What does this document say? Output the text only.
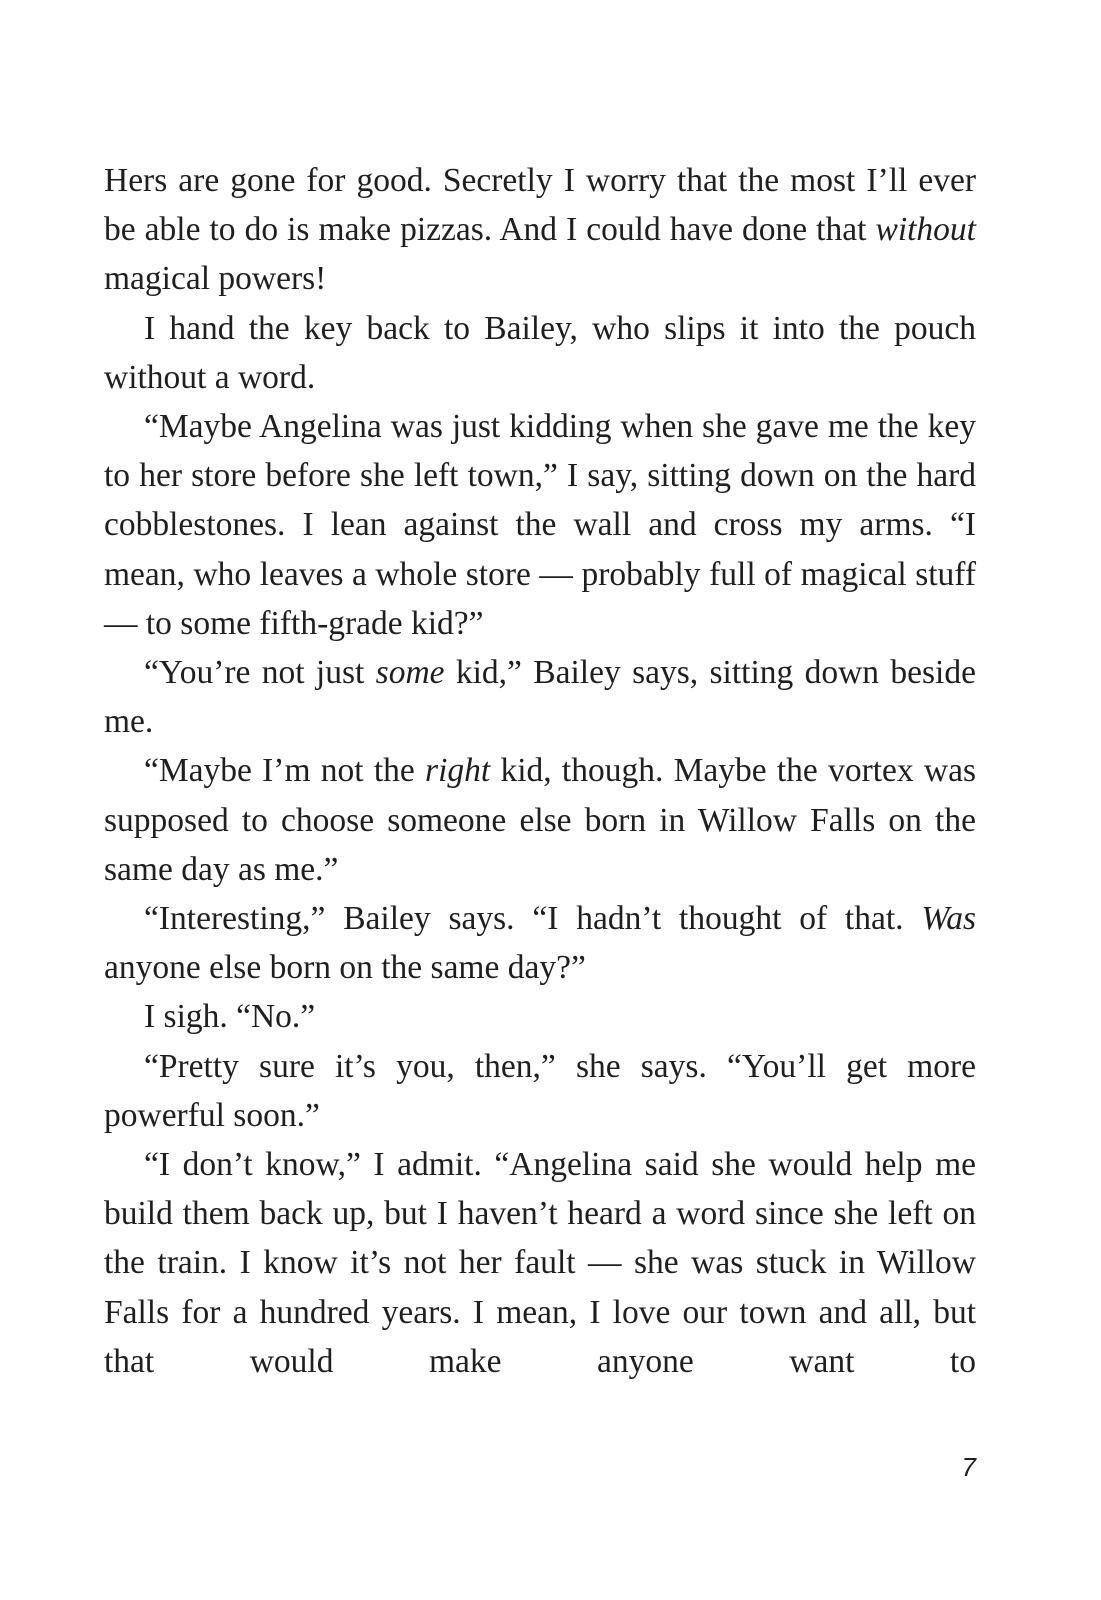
Hers are gone for good. Secretly I worry that the most I’ll ever be able to do is make pizzas. And I could have done that without magical powers!

I hand the key back to Bailey, who slips it into the pouch without a word.

“Maybe Angelina was just kidding when she gave me the key to her store before she left town,” I say, sitting down on the hard cobblestones. I lean against the wall and cross my arms. “I mean, who leaves a whole store — probably full of magical stuff — to some fifth-grade kid?”

“You’re not just some kid,” Bailey says, sitting down beside me.

“Maybe I’m not the right kid, though. Maybe the vortex was supposed to choose someone else born in Willow Falls on the same day as me.”

“Interesting,” Bailey says. “I hadn’t thought of that. Was anyone else born on the same day?”

I sigh. “No.”

“Pretty sure it’s you, then,” she says. “You’ll get more powerful soon.”

“I don’t know,” I admit. “Angelina said she would help me build them back up, but I haven’t heard a word since she left on the train. I know it’s not her fault — she was stuck in Willow Falls for a hundred years. I mean, I love our town and all, but that would make anyone want to

7
